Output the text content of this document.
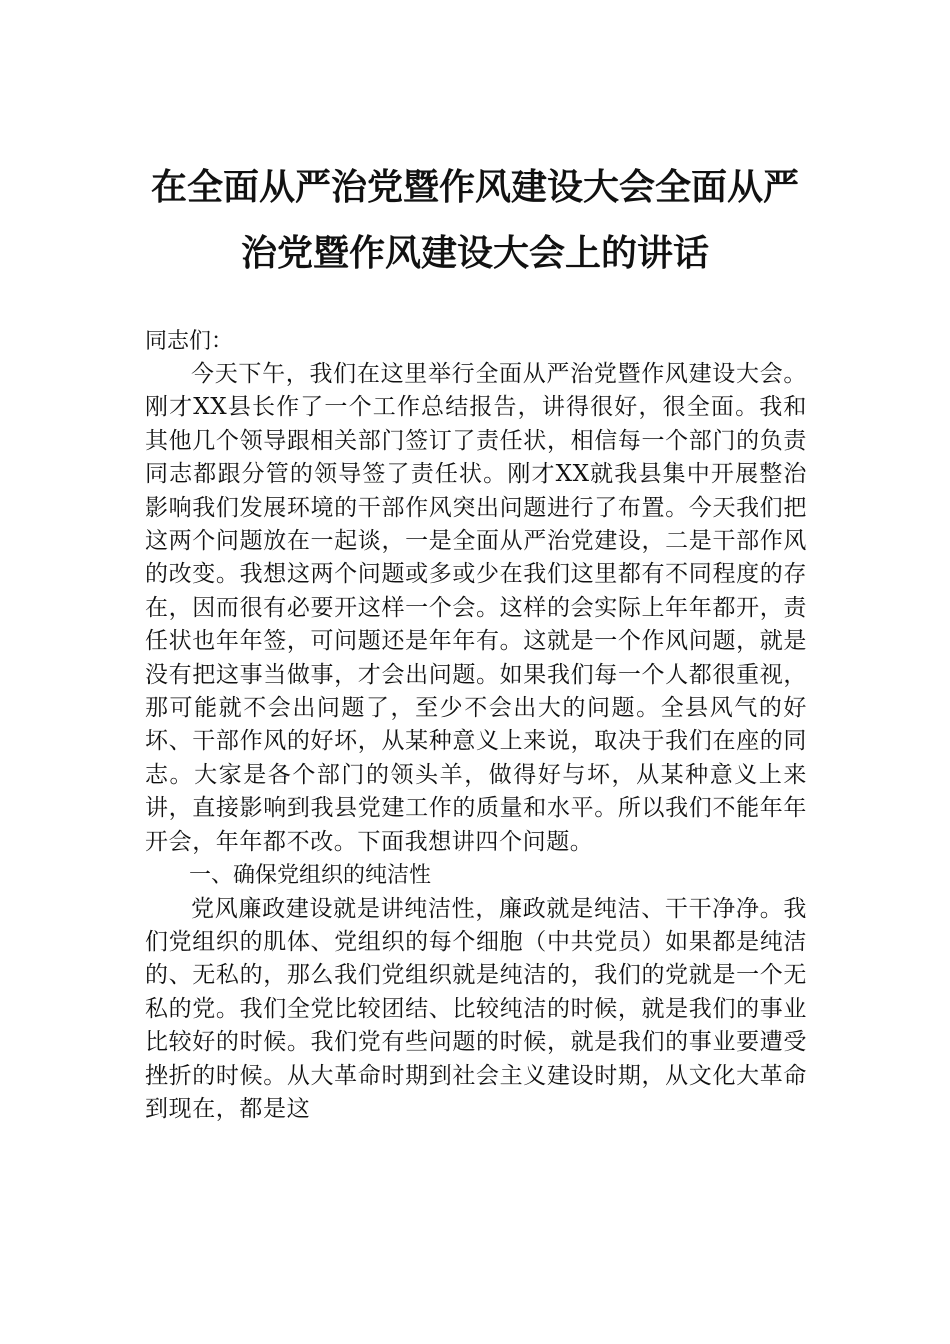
在全面从严治党暨作风建设大会全面从严
治党暨作风建设大会上的讲话

同志们：

今天下午，我们在这里举行全面从严治党暨作风建设大会。刚才XX县长作了一个工作总结报告，讲得很好，很全面。我和其他几个领导跟相关部门签订了责任状，相信每一个部门的负责同志都跟分管的领导签了责任状。刚才XX就我县集中开展整治影响我们发展环境的干部作风突出问题进行了布置。今天我们把这两个问题放在一起谈，一是全面从严治党建设，二是干部作风的改变。我想这两个问题或多或少在我们这里都有不同程度的存在，因而很有必要开这样一个会。这样的会实际上年年都开，责任状也年年签，可问题还是年年有。这就是一个作风问题，就是没有把这事当做事，才会出问题。如果我们每一个人都很重视，那可能就不会出问题了，至少不会出大的问题。全县风气的好坏、干部作风的好坏，从某种意义上来说，取决于我们在座的同志。大家是各个部门的领头羊，做得好与坏，从某种意义上来讲，直接影响到我县党建工作的质量和水平。所以我们不能年年开会，年年都不改。下面我想讲四个问题。

一、确保党组织的纯洁性

党风廉政建设就是讲纯洁性，廉政就是纯洁、干干净净。我们党组织的肌体、党组织的每个细胞（中共党员）如果都是纯洁的、无私的，那么我们党组织就是纯洁的，我们的党就是一个无私的党。我们全党比较团结、比较纯洁的时候，就是我们的事业比较好的时候。我们党有些问题的时候，就是我们的事业要遭受挫折的时候。从大革命时期到社会主义建设时期，从文化大革命到现在，都是这
